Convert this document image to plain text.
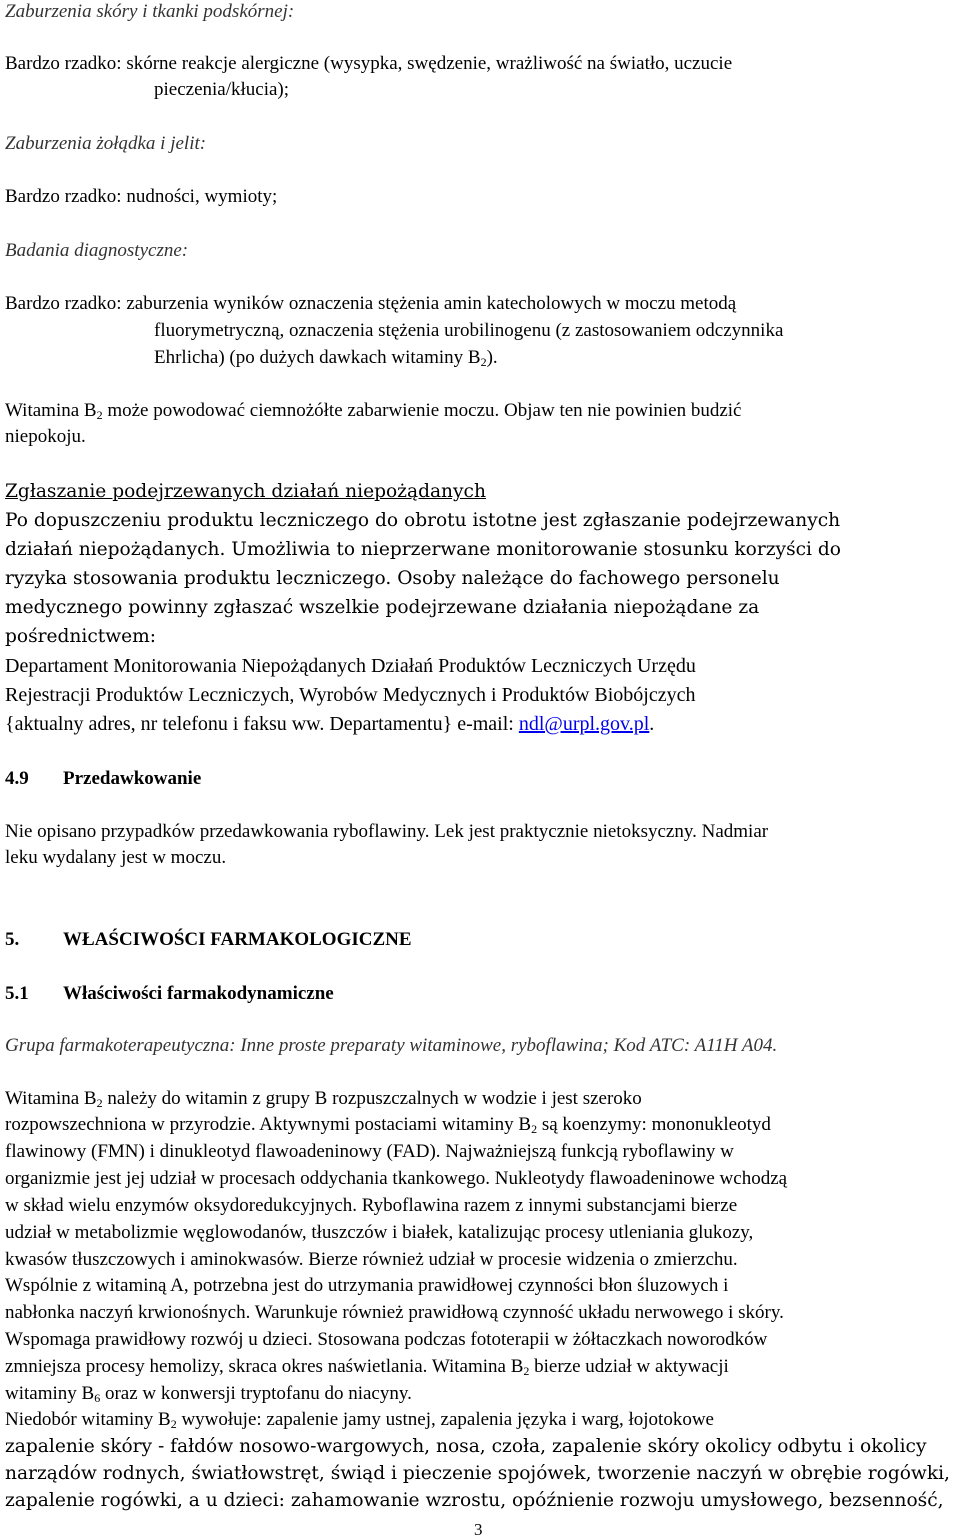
Zaburzenia skóry i tkanki podskórnej:
Bardzo rzadko: skórne reakcje alergiczne (wysypka, swędzenie, wrażliwość na światło, uczucie
pieczenia/kłucia);
Zaburzenia żołądka i jelit:
Bardzo rzadko: nudności, wymioty;
Badania diagnostyczne:
Bardzo rzadko: zaburzenia wyników oznaczenia stężenia amin katecholowych w moczu metodą
fluorymetryczną, oznaczenia stężenia urobilinogenu (z zastosowaniem odczynnika
Ehrlicha) (po dużych dawkach witaminy $B_2$).
Witamina $B_2$ może powodować ciemnożółte zabarwienie moczu. Objaw ten nie powinien budzić
niepokoju.
Zgłaszanie podejrzewanych działań niepożądanych
Po dopuszczeniu produktu leczniczego do obrotu istotne jest zgłaszanie podejrzewanych
działań niepożądanych. Umożliwia to nieprzerwane monitorowanie stosunku korzyści do
ryzyka stosowania produktu leczniczego. Osoby należące do fachowego personelu
medycznego powinny zgłaszać wszelkie podejrzewane działania niepożądane za
pośrednictwem:
Departament Monitorowania Niepożądanych Działań Produktów Leczniczych Urzędu
Rejestracji Produktów Leczniczych, Wyrobów Medycznych i Produktów Biobójczych
{aktualny adres, nr telefonu i faksu ww. Departamentu} e-mail: ndl@urpl.gov.pl.
4.9 Przedawkowanie
Nie opisano przypadków przedawkowania ryboflawiny. Lek jest praktycznie nietoksyczny. Nadmiar
leku wydalany jest w moczu.
5. WŁAŚCIWOŚCI FARMAKOLOGICZNE
5.1 Właściwości farmakodynamiczne
Grupa farmakoterapeutyczna: Inne proste preparaty witaminowe, ryboflawina; Kod ATC: A11H A04.
Witamina $B_2$ należy do witamin z grupy B rozpuszczalnych w wodzie i jest szeroko
rozpowszechniona w przyrodzie. Aktywnymi postaciami witaminy $B_2$ są koenzymy: mononukleotyd
flawinowy (FMN) i dinukleotyd flawoadeninowy (FAD). Najważniejszą funkcją ryboflawiny w
organizmie jest jej udział w procesach oddychania tkankowego. Nukleotydy flawoadeninowe wchodzą
w skład wielu enzymów oksydoredukcyjnych. Ryboflawina razem z innymi substancjami bierze
udział w metabolizmie węglowodanów, tłuszczów i białek, katalizując procesy utleniania glukozy,
kwasów tłuszczowych i aminokwasów. Bierze również udział w procesie widzenia o zmierzchu.
Wspólnie z witaminą A, potrzebna jest do utrzymania prawidłowej czynności błon śluzowych i
nabłonka naczyń krwionośnych. Warunkuje również prawidłową czynność układu nerwowego i skóry.
Wspomaga prawidłowy rozwój u dzieci. Stosowana podczas fototerapii w żółtaczkach noworodków
zmniejsza procesy hemolizy, skraca okres naświetlania. Witamina $B_2$ bierze udział w aktywacji
witaminy $B_6$ oraz w konwersji tryptofanu do niacyny.
Niedobór witaminy $B_2$ wywołuje: zapalenie jamy ustnej, zapalenia języka i warg, łojotokowe
zapalenie skóry - fałdów nosowo-wargowych, nosa, czoła, zapalenie skóry okolicy odbytu i okolicy
narządów rodnych, światłowstręt, świąd i pieczenie spojówek, tworzenie naczyń w obrębie rogówki,
zapalenie rogówki, a u dzieci: zahamowanie wzrostu, opóźnienie rozwoju umysłowego, bezsenność,
3
